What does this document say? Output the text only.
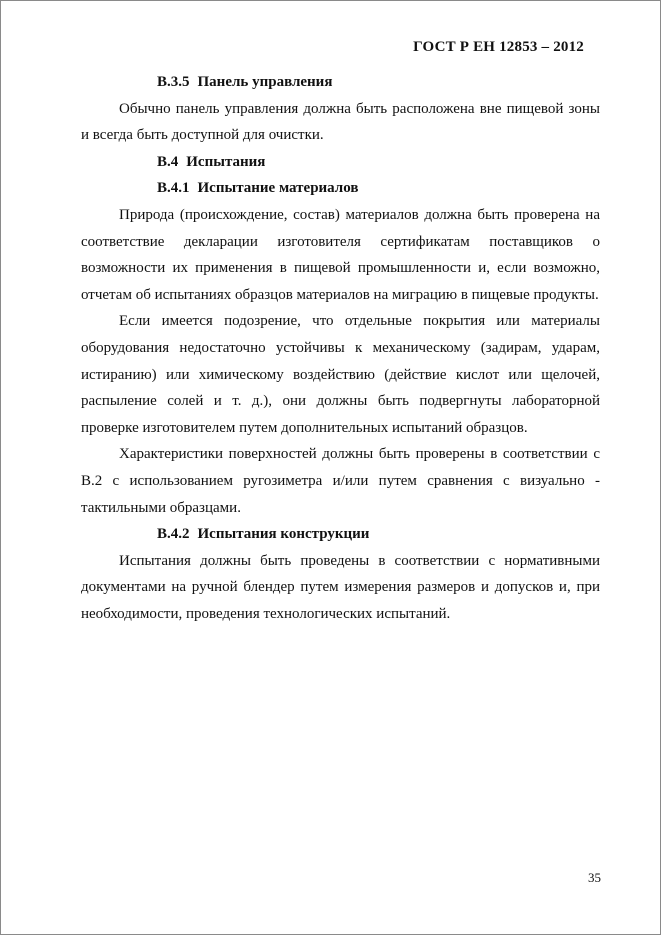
ГОСТ Р ЕН 12853 – 2012
В.3.5 Панель управления

Обычно панель управления должна быть расположена вне пищевой зоны и всегда быть доступной для очистки.

В.4 Испытания
В.4.1 Испытание материалов

Природа (происхождение, состав) материалов должна быть проверена на соответствие декларации изготовителя сертификатам поставщиков о возможности их применения в пищевой промышленности и, если возможно, отчетам об испытаниях образцов материалов на миграцию в пищевые продукты.

Если имеется подозрение, что отдельные покрытия или материалы оборудования недостаточно устойчивы к механическому (задирам, ударам, истиранию) или химическому воздействию (действие кислот или щелочей, распыление солей и т. д.), они должны быть подвергнуты лабораторной проверке изготовителем путем дополнительных испытаний образцов.

Характеристики поверхностей должны быть проверены в соответствии с В.2 с использованием ругозиметра и/или путем сравнения с визуально - тактильными образцами.

В.4.2 Испытания конструкции

Испытания должны быть проведены в соответствии с нормативными документами на ручной блендер путем измерения размеров и допусков и, при необходимости, проведения технологических испытаний.

35
